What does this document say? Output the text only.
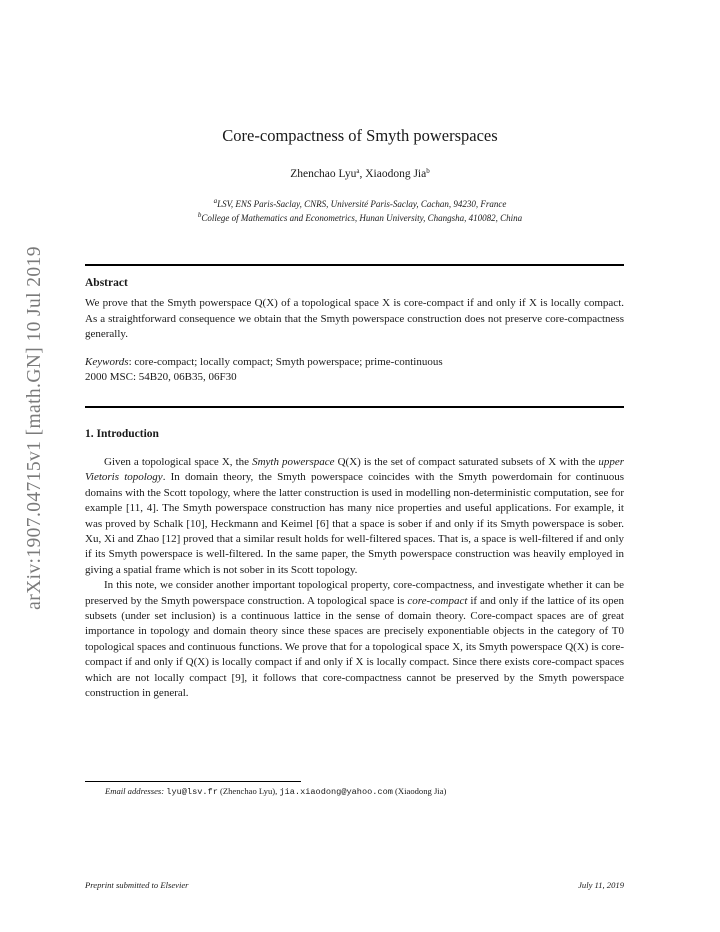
arXiv:1907.04715v1 [math.GN] 10 Jul 2019
Core-compactness of Smyth powerspaces
Zhenchao Lyu$^a$, Xiaodong Jia$^b$
$^a$LSV, ENS Paris-Saclay, CNRS, Université Paris-Saclay, Cachan, 94230, France
$^b$College of Mathematics and Econometrics, Hunan University, Changsha, 410082, China

Abstract

We prove that the Smyth powerspace Q(X) of a topological space X is core-compact if and only if X is locally compact. As a straightforward consequence we obtain that the Smyth powerspace construction does not preserve core-compactness generally.

Keywords: core-compact; locally compact; Smyth powerspace; prime-continuous

2000 MSC: 54B20, 06B35, 06F30

1. Introduction

Given a topological space X, the Smyth powerspace Q(X) is the set of compact saturated subsets of X with the upper Vietoris topology. In domain theory, the Smyth powerspace coincides with the Smyth powerdomain for continuous domains with the Scott topology, where the latter construction is used in modelling non-deterministic computation, see for example [11, 4]. The Smyth powerspace construction has many nice properties and useful applications. For example, it was proved by Schalk [10], Heckmann and Keimel [6] that a space is sober if and only if its Smyth powerspace is sober. Xu, Xi and Zhao [12] proved that a similar result holds for well-filtered spaces. That is, a space is well-filtered if and only if its Smyth powerspace is well-filtered. In the same paper, the Smyth powerspace construction was heavily employed in giving a spatial frame which is not sober in its Scott topology.

In this note, we consider another important topological property, core-compactness, and investigate whether it can be preserved by the Smyth powerspace construction. A topological space is core-compact if and only if the lattice of its open subsets (under set inclusion) is a continuous lattice in the sense of domain theory. Core-compact spaces are of great importance in topology and domain theory since these spaces are precisely exponentiable objects in the category of T0 topological spaces and continuous functions. We prove that for a topological space X, its Smyth powerspace Q(X) is core-compact if and only if Q(X) is locally compact if and only if X is locally compact. Since there exists core-compact spaces which are not locally compact [9], it follows that core-compactness cannot be preserved by the Smyth powerspace construction in general.

Email addresses: lyu@lsv.fr (Zhenchao Lyu), jia.xiaodong@yahoo.com (Xiaodong Jia)
Preprint submitted to Elsevier	July 11, 2019
